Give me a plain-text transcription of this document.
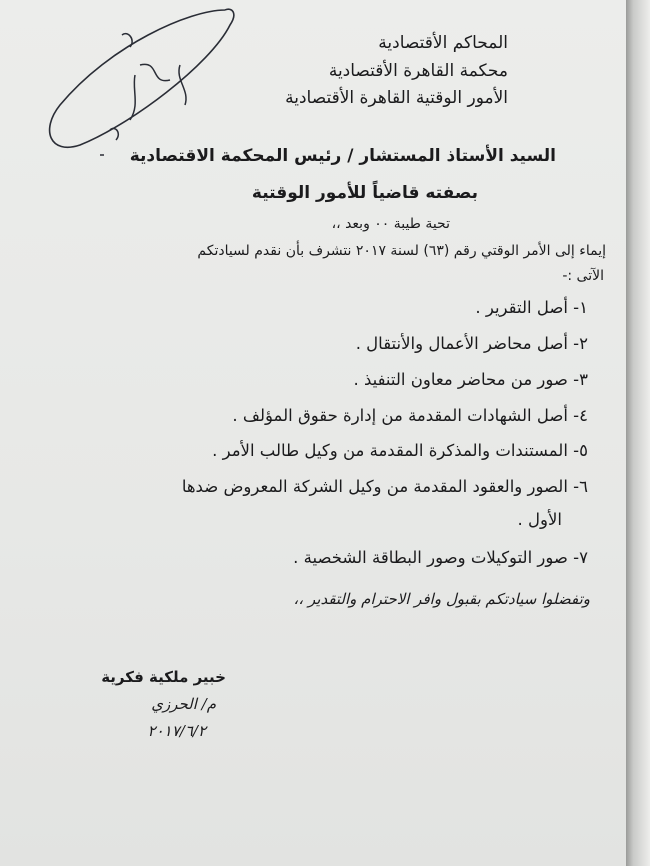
المحاكم الأقتصادية
محكمة القاهرة الأقتصادية
الأمور الوقتية القاهرة الأقتصادية
السيد الأستاذ المستشار / رئيس المحكمة الاقتصادية
بصفته قاضياً للأمور الوقتية
تحية طيبة ٠٠ وبعد ،،
إيماء إلى الأمر الوقتي رقم (٦٣) لسنة ٢٠١٧ نتشرف بأن نقدم لسيادتكم
الآتى :-
١- أصل التقرير .
٢- أصل محاضر الأعمال والأنتقال .
٣- صور من محاضر معاون التنفيذ .
٤- أصل الشهادات المقدمة من إدارة حقوق المؤلف .
٥- المستندات والمذكرة المقدمة من وكيل طالب الأمر .
٦- الصور والعقود المقدمة من وكيل الشركة المعروض ضدها
الأول .
٧- صور التوكيلات وصور البطاقة الشخصية .
وتفضلوا سيادتكم بقبول وافر الاحترام والتقدير ،،
خبير ملكية فكرية
م/ الحرزي
٢٠١٧/٦/٢
